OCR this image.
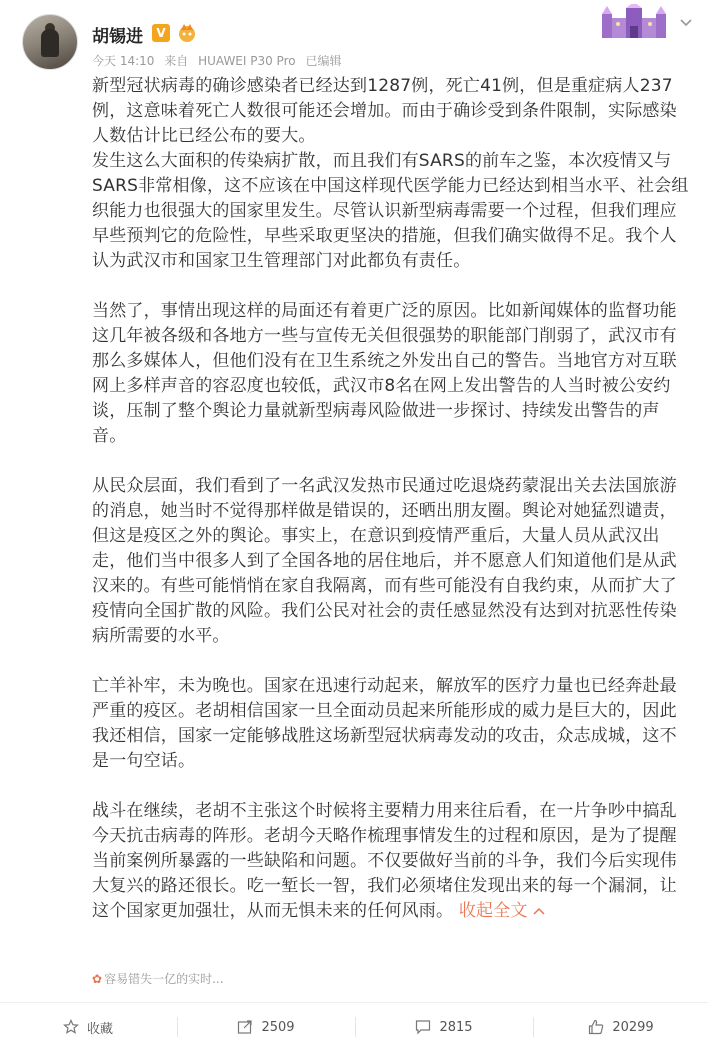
胡锡进	V
今天 14:10 来自 HUAWEI P30 Pro 已编辑

新型冠状病毒的确诊感染者已经达到1287例，死亡41例，但是重症病人237例，这意味着死亡人数很可能还会增加。而由于确诊受到条件限制，实际感染人数估计比已经公布的要大。

发生这么大面积的传染病扩散，而且我们有SARS的前车之鉴，本次疫情又与SARS非常相像，这不应该在中国这样现代医学能力已经达到相当水平、社会组织能力也很强大的国家里发生。尽管认识新型病毒需要一个过程，但我们理应早些预判它的危险性，早些采取更坚决的措施，但我们确实做得不足。我个人认为武汉市和国家卫生管理部门对此都负有责任。

当然了，事情出现这样的局面还有着更广泛的原因。比如新闻媒体的监督功能这几年被各级和各地方一些与宣传无关但很强势的职能部门削弱了，武汉市有那么多媒体人，但他们没有在卫生系统之外发出自己的警告。当地官方对互联网上多样声音的容忍度也较低，武汉市8名在网上发出警告的人当时被公安约谈，压制了整个舆论力量就新型病毒风险做进一步探讨、持续发出警告的声音。

从民众层面，我们看到了一名武汉发热市民通过吃退烧药蒙混出关去法国旅游的消息，她当时不觉得那样做是错误的，还晒出朋友圈。舆论对她猛烈谴责，但这是疫区之外的舆论。事实上，在意识到疫情严重后，大量人员从武汉出走，他们当中很多人到了全国各地的居住地后，并不愿意人们知道他们是从武汉来的。有些可能悄悄在家自我隔离，而有些可能没有自我约束，从而扩大了疫情向全国扩散的风险。我们公民对社会的责任感显然没有达到对抗恶性传染病所需要的水平。

亡羊补牢，未为晚也。国家在迅速行动起来，解放军的医疗力量也已经奔赴最严重的疫区。老胡相信国家一旦全面动员起来所能形成的威力是巨大的，因此我还相信，国家一定能够战胜这场新型冠状病毒发动的攻击，众志成城，这不是一句空话。

战斗在继续，老胡不主张这个时候将主要精力用来往后看，在一片争吵中搞乱今天抗击病毒的阵形。老胡今天略作梳理事情发生的过程和原因，是为了提醒当前案例所暴露的一些缺陷和问题。不仅要做好当前的斗争，我们今后实现伟大复兴的路还很长。吃一堑长一智，我们必须堵住发现出来的每一个漏洞，让这个国家更加强壮，从而无惧未来的任何风雨。 收起全文

✿ 容易错失一亿的实时...
收藏	2509	2815	20299
